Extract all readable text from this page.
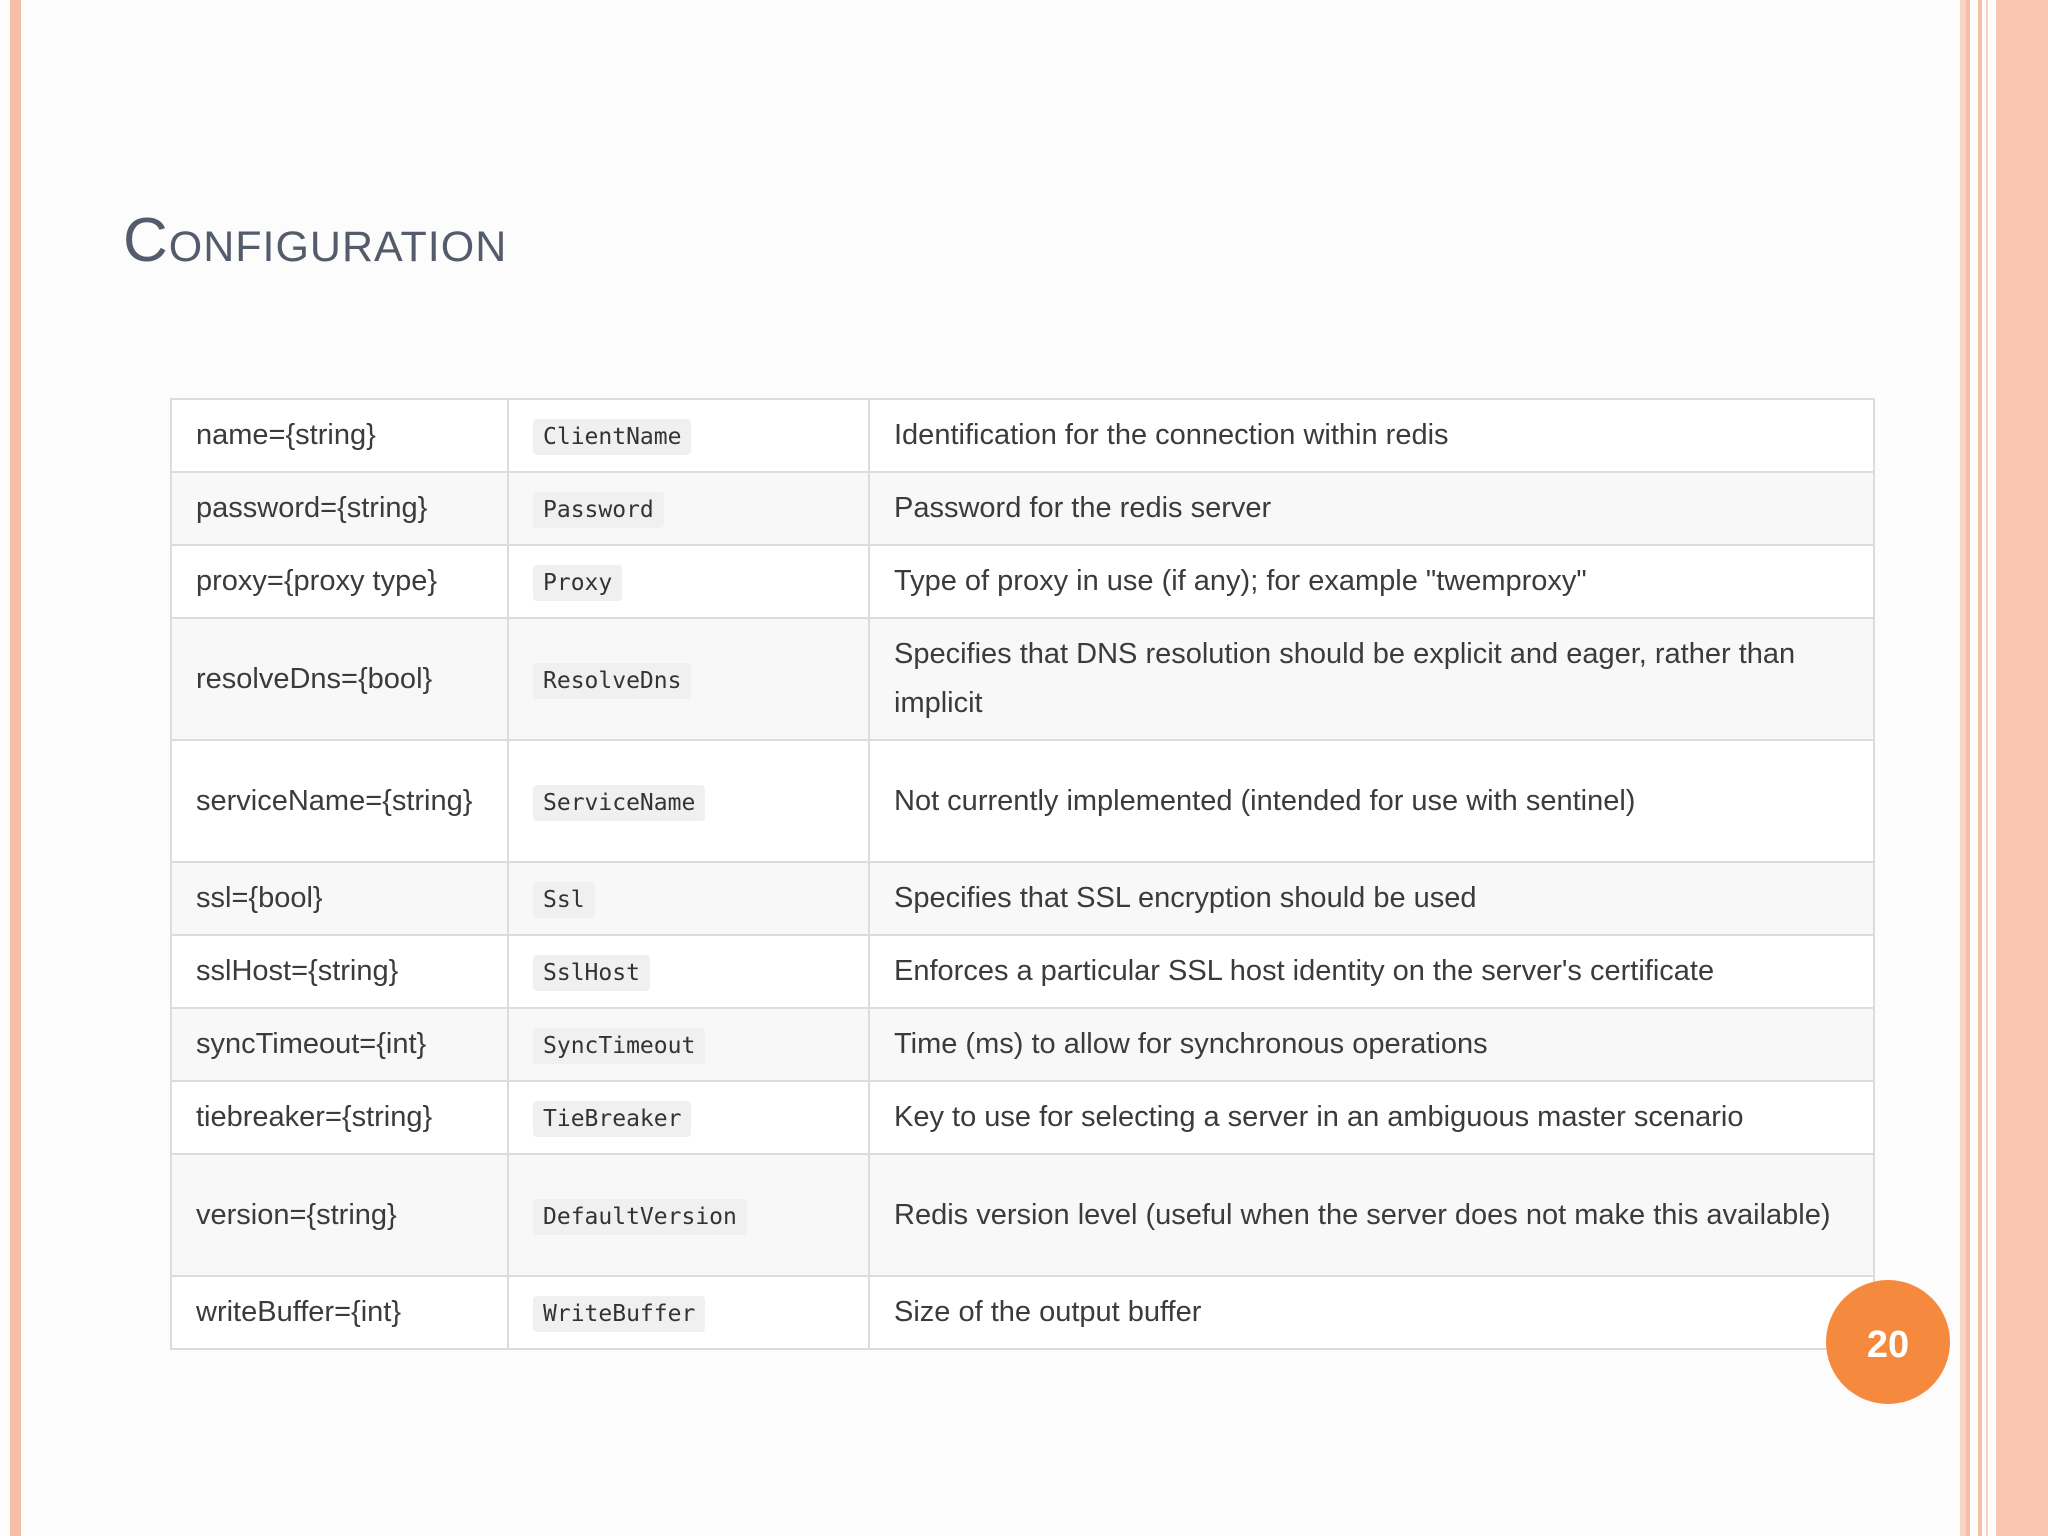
Configuration
name={string}	ClientName	Identification for the connection within redis
password={string}	Password	Password for the redis server
proxy={proxy type}	Proxy	Type of proxy in use (if any); for example "twemproxy"
resolveDns={bool}	ResolveDns	Specifies that DNS resolution should be explicit and eager, rather than implicit
serviceName={string}	ServiceName	Not currently implemented (intended for use with sentinel)
ssl={bool}	Ssl	Specifies that SSL encryption should be used
sslHost={string}	SslHost	Enforces a particular SSL host identity on the server's certificate
syncTimeout={int}	SyncTimeout	Time (ms) to allow for synchronous operations
tiebreaker={string}	TieBreaker	Key to use for selecting a server in an ambiguous master scenario
version={string}	DefaultVersion	Redis version level (useful when the server does not make this available)
writeBuffer={int}	WriteBuffer	Size of the output buffer
20
